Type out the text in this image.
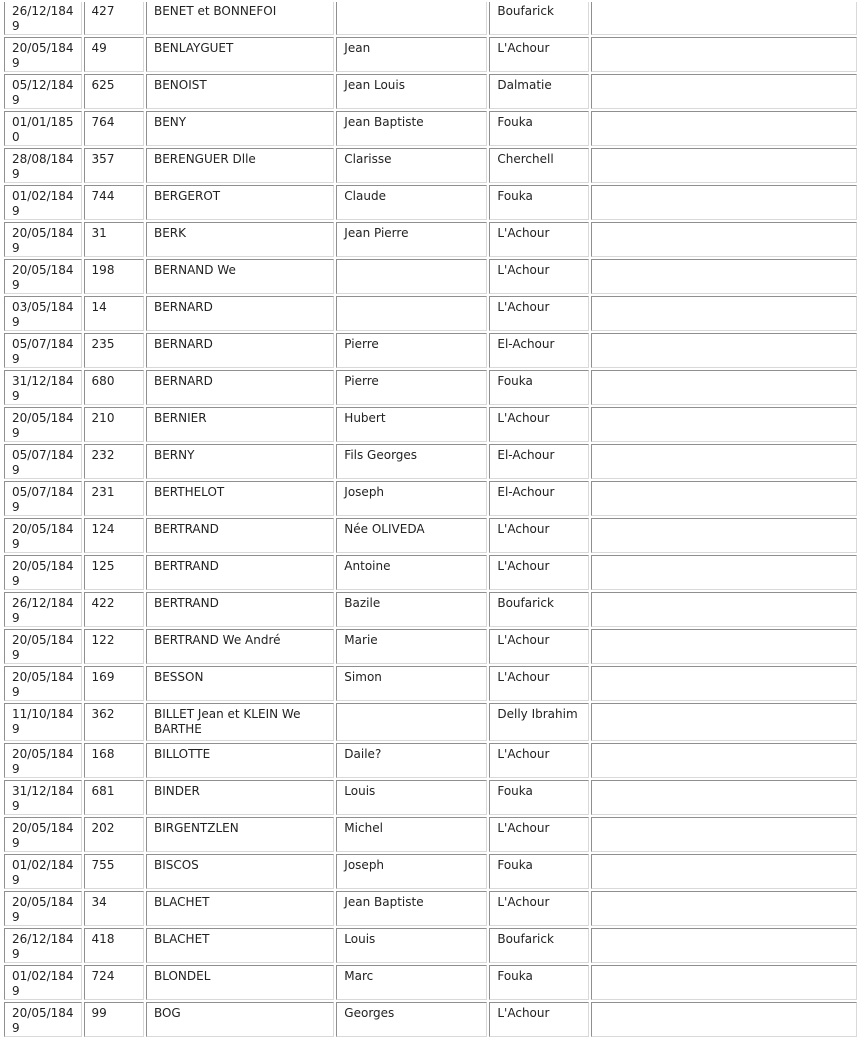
26/12/1849	427	BENET et BONNEFOI		Boufarick	
20/05/1849	49	BENLAYGUET	Jean	L'Achour	
05/12/1849	625	BENOIST	Jean Louis	Dalmatie	
01/01/1850	764	BENY	Jean Baptiste	Fouka	
28/08/1849	357	BERENGUER Dlle	Clarisse	Cherchell	
01/02/1849	744	BERGEROT	Claude	Fouka	
20/05/1849	31	BERK	Jean Pierre	L'Achour	
20/05/1849	198	BERNAND We		L'Achour	
03/05/1849	14	BERNARD		L'Achour	
05/07/1849	235	BERNARD	Pierre	El-Achour	
31/12/1849	680	BERNARD	Pierre	Fouka	
20/05/1849	210	BERNIER	Hubert	L'Achour	
05/07/1849	232	BERNY	Fils Georges	El-Achour	
05/07/1849	231	BERTHELOT	Joseph	El-Achour	
20/05/1849	124	BERTRAND	Née OLIVEDA	L'Achour	
20/05/1849	125	BERTRAND	Antoine	L'Achour	
26/12/1849	422	BERTRAND	Bazile	Boufarick	
20/05/1849	122	BERTRAND We André	Marie	L'Achour	
20/05/1849	169	BESSON	Simon	L'Achour	
11/10/1849	362	BILLET Jean et KLEIN We BARTHE		Delly Ibrahim	
20/05/1849	168	BILLOTTE	Daile?	L'Achour	
31/12/1849	681	BINDER	Louis	Fouka	
20/05/1849	202	BIRGENTZLEN	Michel	L'Achour	
01/02/1849	755	BISCOS	Joseph	Fouka	
20/05/1849	34	BLACHET	Jean Baptiste	L'Achour	
26/12/1849	418	BLACHET	Louis	Boufarick	
01/02/1849	724	BLONDEL	Marc	Fouka	
20/05/1849	99	BOG	Georges	L'Achour	
